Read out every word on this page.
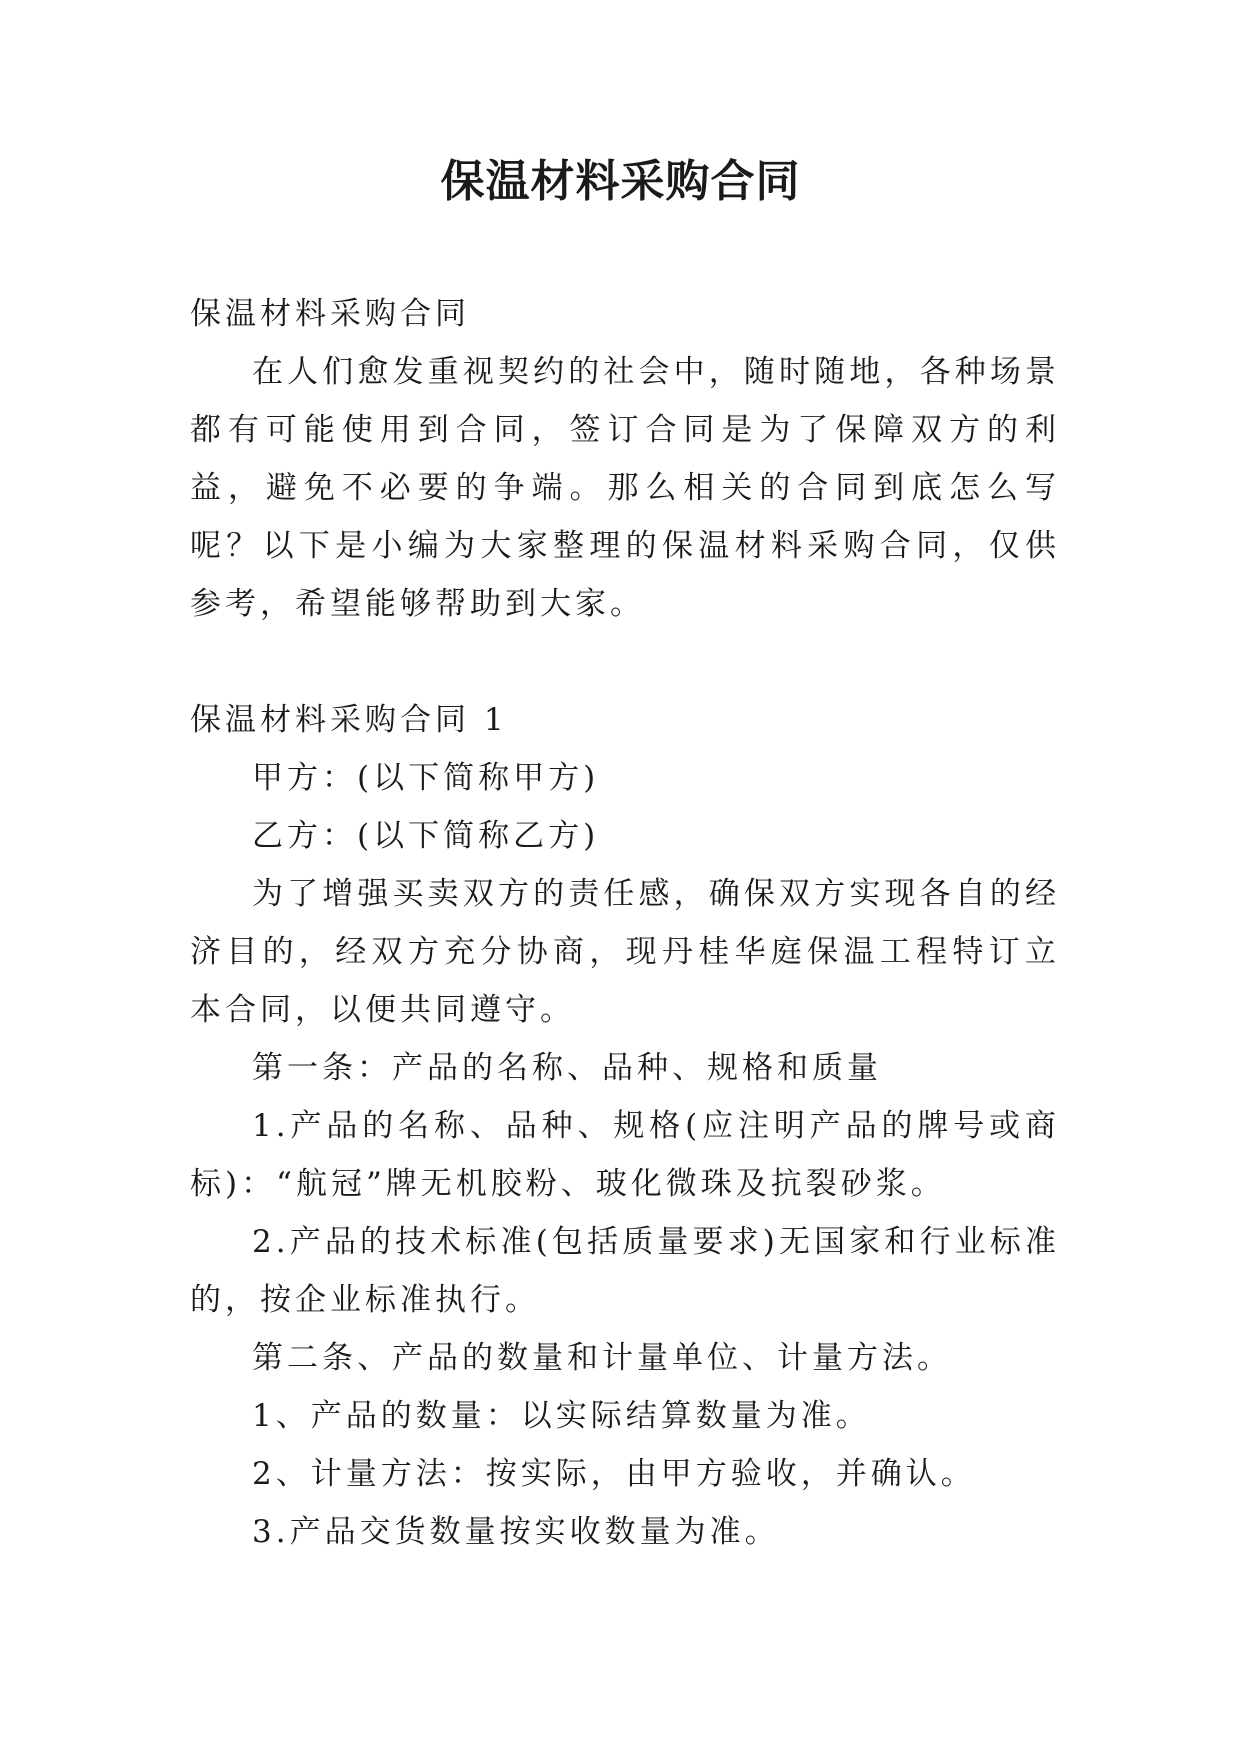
保温材料采购合同

保温材料采购合同

在人们愈发重视契约的社会中，随时随地，各种场景都有可能使用到合同，签订合同是为了保障双方的利益，避免不必要的争端。那么相关的合同到底怎么写呢？以下是小编为大家整理的保温材料采购合同，仅供参考，希望能够帮助到大家。

保温材料采购合同 1

甲方：(以下简称甲方)

乙方：(以下简称乙方)

为了增强买卖双方的责任感，确保双方实现各自的经济目的，经双方充分协商，现丹桂华庭保温工程特订立本合同，以便共同遵守。

第一条：产品的名称、品种、规格和质量

1.产品的名称、品种、规格(应注明产品的牌号或商标)：“航冠”牌无机胶粉、玻化微珠及抗裂砂浆。

2.产品的技术标准(包括质量要求)无国家和行业标准的，按企业标准执行。

第二条、产品的数量和计量单位、计量方法。

1、产品的数量：以实际结算数量为准。

2、计量方法：按实际，由甲方验收，并确认。

3.产品交货数量按实收数量为准。
